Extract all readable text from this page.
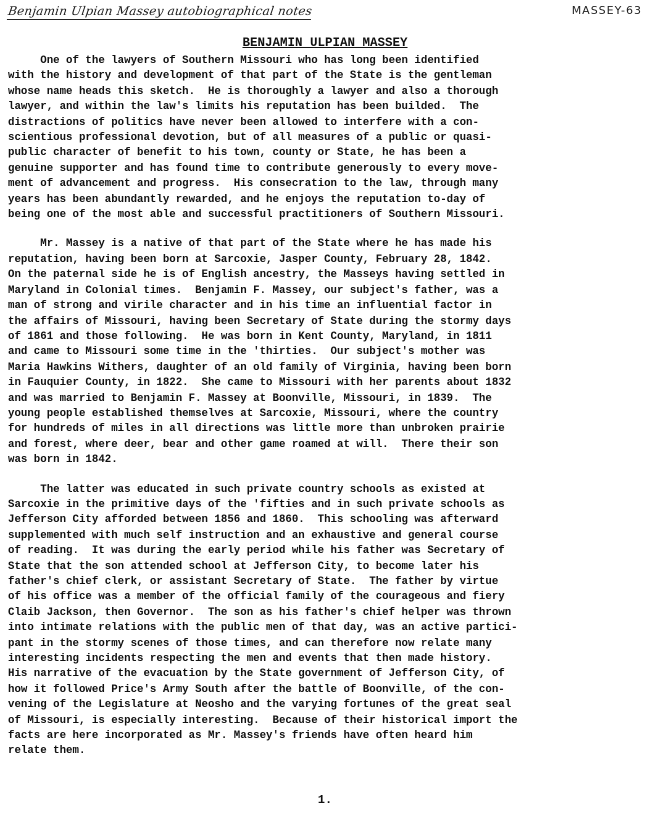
Benjamin Ulpian Massey autobiographical notes	MASSEY-63
BENJAMIN ULPIAN MASSEY

One of the lawyers of Southern Missouri who has long been identified
with the history and development of that part of the State is the gentleman
whose name heads this sketch.  He is thoroughly a lawyer and also a thorough
lawyer, and within the law's limits his reputation has been builded.  The
distractions of politics have never been allowed to interfere with a con-
scientious professional devotion, but of all measures of a public or quasi-
public character of benefit to his town, county or State, he has been a
genuine supporter and has found time to contribute generously to every move-
ment of advancement and progress.  His consecration to the law, through many
years has been abundantly rewarded, and he enjoys the reputation to-day of
being one of the most able and successful practitioners of Southern Missouri.

Mr. Massey is a native of that part of the State where he has made his
reputation, having been born at Sarcoxie, Jasper County, February 28, 1842.
On the paternal side he is of English ancestry, the Masseys having settled in
Maryland in Colonial times.  Benjamin F. Massey, our subject's father, was a
man of strong and virile character and in his time an influential factor in
the affairs of Missouri, having been Secretary of State during the stormy days
of 1861 and those following.  He was born in Kent County, Maryland, in 1811
and came to Missouri some time in the 'thirties.  Our subject's mother was
Maria Hawkins Withers, daughter of an old family of Virginia, having been born
in Fauquier County, in 1822.  She came to Missouri with her parents about 1832
and was married to Benjamin F. Massey at Boonville, Missouri, in 1839.  The
young people established themselves at Sarcoxie, Missouri, where the country
for hundreds of miles in all directions was little more than unbroken prairie
and forest, where deer, bear and other game roamed at will.  There their son
was born in 1842.

The latter was educated in such private country schools as existed at
Sarcoxie in the primitive days of the 'fifties and in such private schools as
Jefferson City afforded between 1856 and 1860.  This schooling was afterward
supplemented with much self instruction and an exhaustive and general course
of reading.  It was during the early period while his father was Secretary of
State that the son attended school at Jefferson City, to become later his
father's chief clerk, or assistant Secretary of State.  The father by virtue
of his office was a member of the official family of the courageous and fiery
Claib Jackson, then Governor.  The son as his father's chief helper was thrown
into intimate relations with the public men of that day, was an active partici-
pant in the stormy scenes of those times, and can therefore now relate many
interesting incidents respecting the men and events that then made history.
His narrative of the evacuation by the State government of Jefferson City, of
how it followed Price's Army South after the battle of Boonville, of the con-
vening of the Legislature at Neosho and the varying fortunes of the great seal
of Missouri, is especially interesting.  Because of their historical import the
facts are here incorporated as Mr. Massey's friends have often heard him
relate them.

1.
